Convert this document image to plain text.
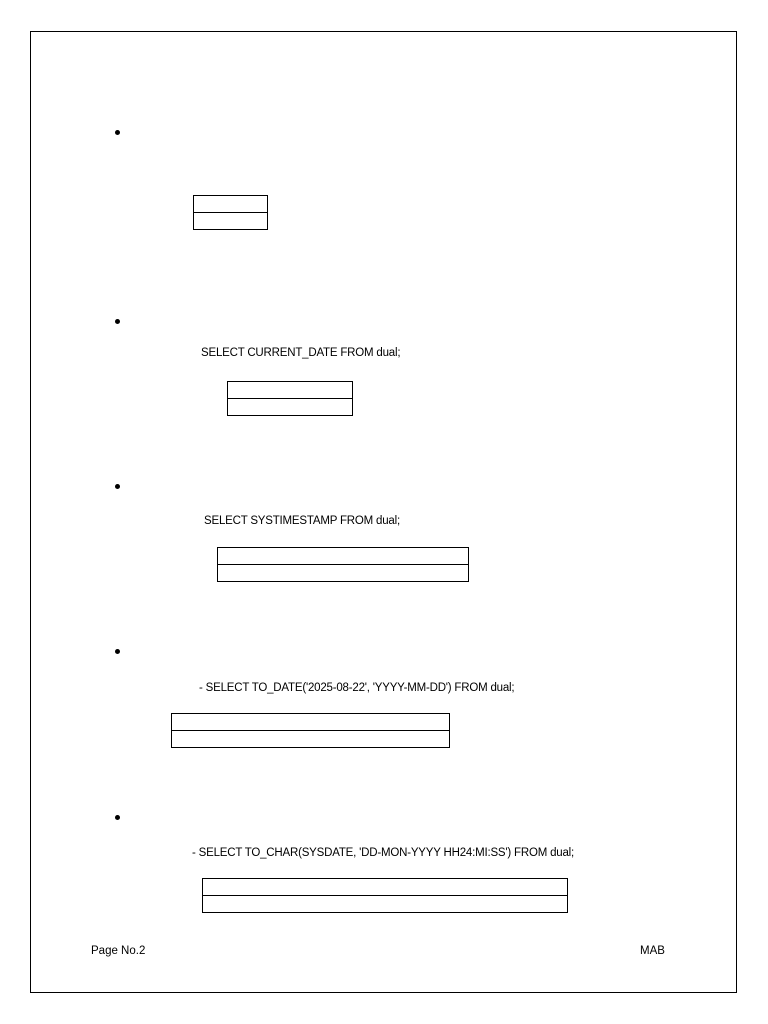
SELECT CURRENT_DATE FROM dual;

SELECT SYSTIMESTAMP FROM dual;

- SELECT TO_DATE('2025-08-22', 'YYYY-MM-DD') FROM dual;

- SELECT TO_CHAR(SYSDATE, 'DD-MON-YYYY HH24:MI:SS') FROM dual;

Page No.2	MAB
